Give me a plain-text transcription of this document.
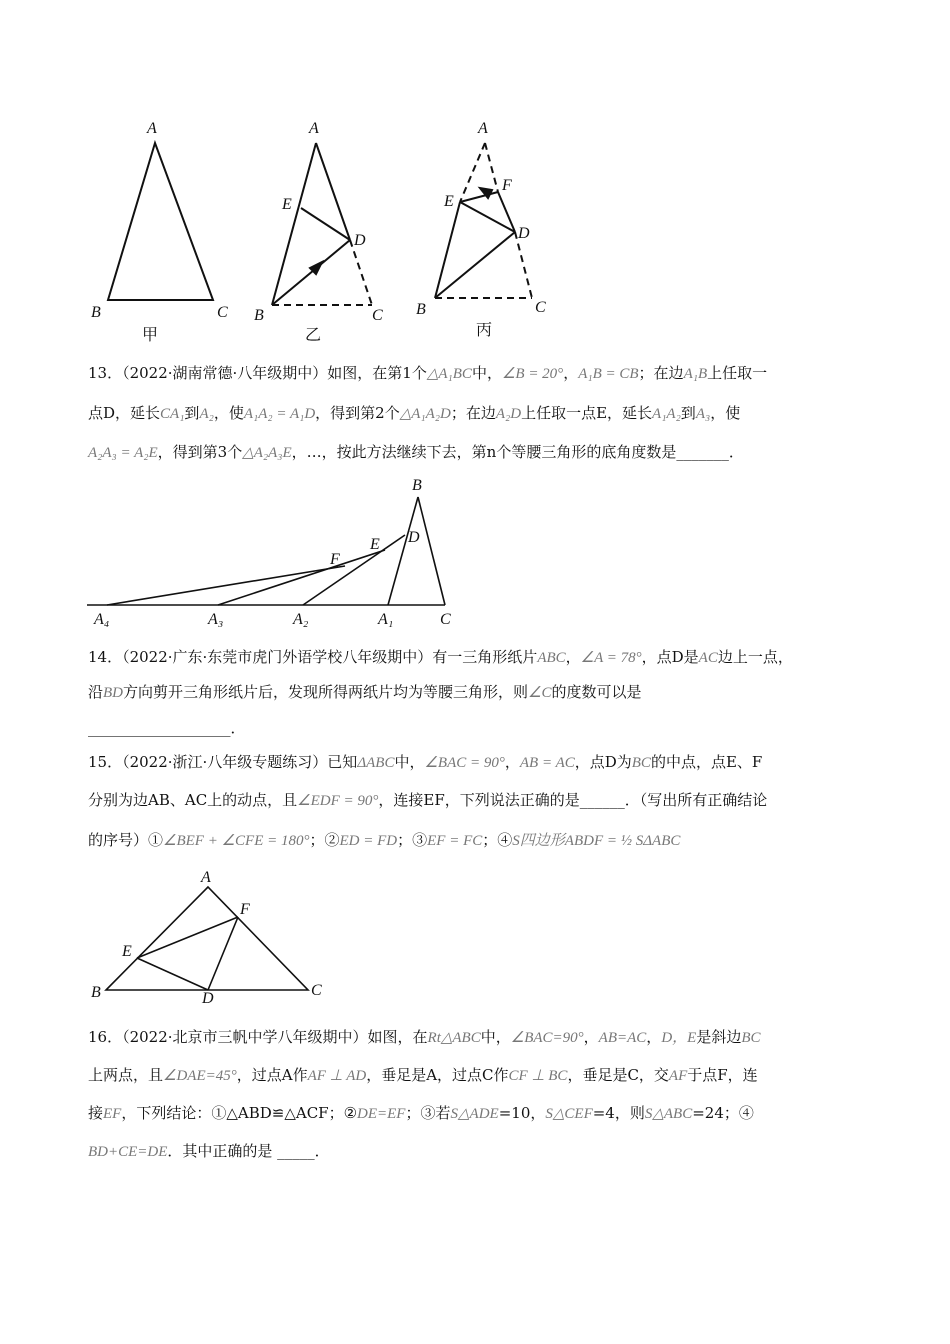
A
B	C
甲
A
E
D
B	C
乙
A
E
F
D
B	C
丙
B
D
E
F
C
A₁
A₂
A₃
A₄
A
F
E
B	D	C
13．（2022·湖南常德·八年级期中）如图，在第1个△A₁BC中，∠B = 20°，A₁B = CB；在边A₁B上任取一
点D，延长CA₁到A₂，使A₁A₂ = A₁D，得到第2个△A₁A₂D；在边A₂D上任取一点E，延长A₁A₂到A₃，使
A₂A₃ = A₂E，得到第3个△A₂A₃E，…，按此方法继续下去，第n个等腰三角形的底角度数是_______．
14．（2022·广东·东莞市虎门外语学校八年级期中）有一三角形纸片ABC，∠A = 78°，点D是AC边上一点，
沿BD方向剪开三角形纸片后，发现所得两纸片均为等腰三角形，则∠C的度数可以是
___________________．
15．（2022·浙江·八年级专题练习）已知ΔABC中，∠BAC = 90°，AB = AC，点D为BC的中点，点E、F
分别为边AB、AC上的动点，且∠EDF = 90°，连接EF，下列说法正确的是______．（写出所有正确结论
的序号）①∠BEF + ∠CFE = 180°；②ED = FD；③EF = FC；④S四边形ABDF = ½ SΔABC
16．（2022·北京市三帆中学八年级期中）如图，在Rt△ABC中，∠BAC=90°，AB=AC，D，E是斜边BC
上两点，且∠DAE=45°，过点A作AF ⊥ AD，垂足是A，过点C作CF ⊥ BC，垂足是C，交AF于点F，连
接EF，下列结论：①△ABD≌△ACF；②DE=EF；③若S△ADE=10，S△CEF=4，则S△ABC=24；④
BD+CE=DE．其中正确的是 _____．
